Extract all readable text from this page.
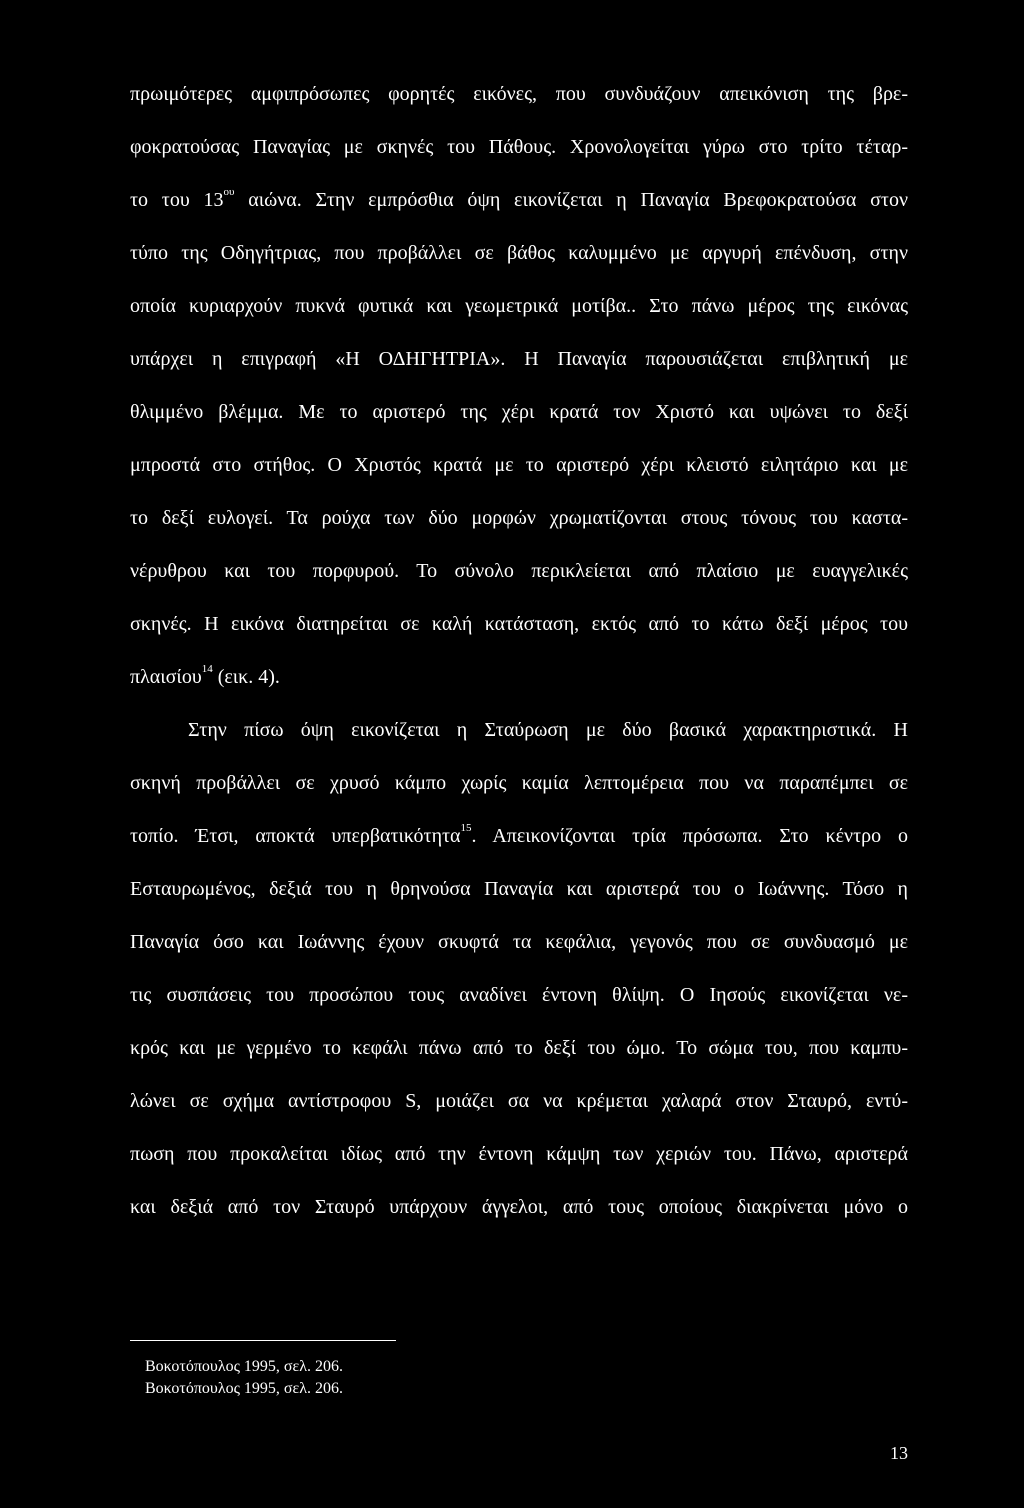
πρωιμότερες αμφιπρόσωπες φορητές εικόνες, που συνδυάζουν απεικόνιση της βρε-
φοκρατούσας Παναγίας με σκηνές του Πάθους. Χρονολογείται γύρω στο τρίτο τέταρ-
το του $13^{o\upsilon}$ αιώνα. Στην εμπρόσθια όψη εικονίζεται η Παναγία Βρεφοκρατούσα στον
τύπο της Οδηγήτριας, που προβάλλει σε βάθος καλυμμένο με αργυρή επένδυση, στην
οποία κυριαρχούν πυκνά φυτικά και γεωμετρικά μοτίβα.. Στο πάνω μέρος της εικόνας
υπάρχει η επιγραφή «Η ΟΔΗΓΗΤΡΙΑ». Η Παναγία παρουσιάζεται επιβλητική με
θλιμμένο βλέμμα. Με το αριστερό της χέρι κρατά τον Χριστό και υψώνει το δεξί
μπροστά στο στήθος. Ο Χριστός κρατά με το αριστερό χέρι κλειστό ειλητάριο και με
το δεξί ευλογεί. Τα ρούχα των δύο μορφών χρωματίζονται στους τόνους του καστα-
νέρυθρου και του πορφυρού. Το σύνολο περικλείεται από πλαίσιο με ευαγγελικές
σκηνές. Η εικόνα διατηρείται σε καλή κατάσταση, εκτός από το κάτω δεξί μέρος του
πλαισίου$^{14}$ (εικ. 4).
Στην πίσω όψη εικονίζεται η Σταύρωση με δύο βασικά χαρακτηριστικά. Η
σκηνή προβάλλει σε χρυσό κάμπο χωρίς καμία λεπτομέρεια που να παραπέμπει σε
τοπίο. Έτσι, αποκτά υπερβατικότητα$^{15}$. Απεικονίζονται τρία πρόσωπα. Στο κέντρο ο
Εσταυρωμένος, δεξιά του η θρηνούσα Παναγία και αριστερά του ο Ιωάννης. Τόσο η
Παναγία όσο και Ιωάννης έχουν σκυφτά τα κεφάλια, γεγονός που σε συνδυασμό με
τις συσπάσεις του προσώπου τους αναδίνει έντονη θλίψη. Ο Ιησούς εικονίζεται νε-
κρός και με γερμένο το κεφάλι πάνω από το δεξί του ώμο. Το σώμα του, που καμπυ-
λώνει σε σχήμα αντίστροφου S, μοιάζει σα να κρέμεται χαλαρά στον Σταυρό, εντύ-
πωση που προκαλείται ιδίως από την έντονη κάμψη των χεριών του. Πάνω, αριστερά
και δεξιά από τον Σταυρό υπάρχουν άγγελοι, από τους οποίους διακρίνεται μόνο ο
Βοκοτόπουλος 1995, σελ. 206.
Βοκοτόπουλος 1995, σελ. 206.
13
